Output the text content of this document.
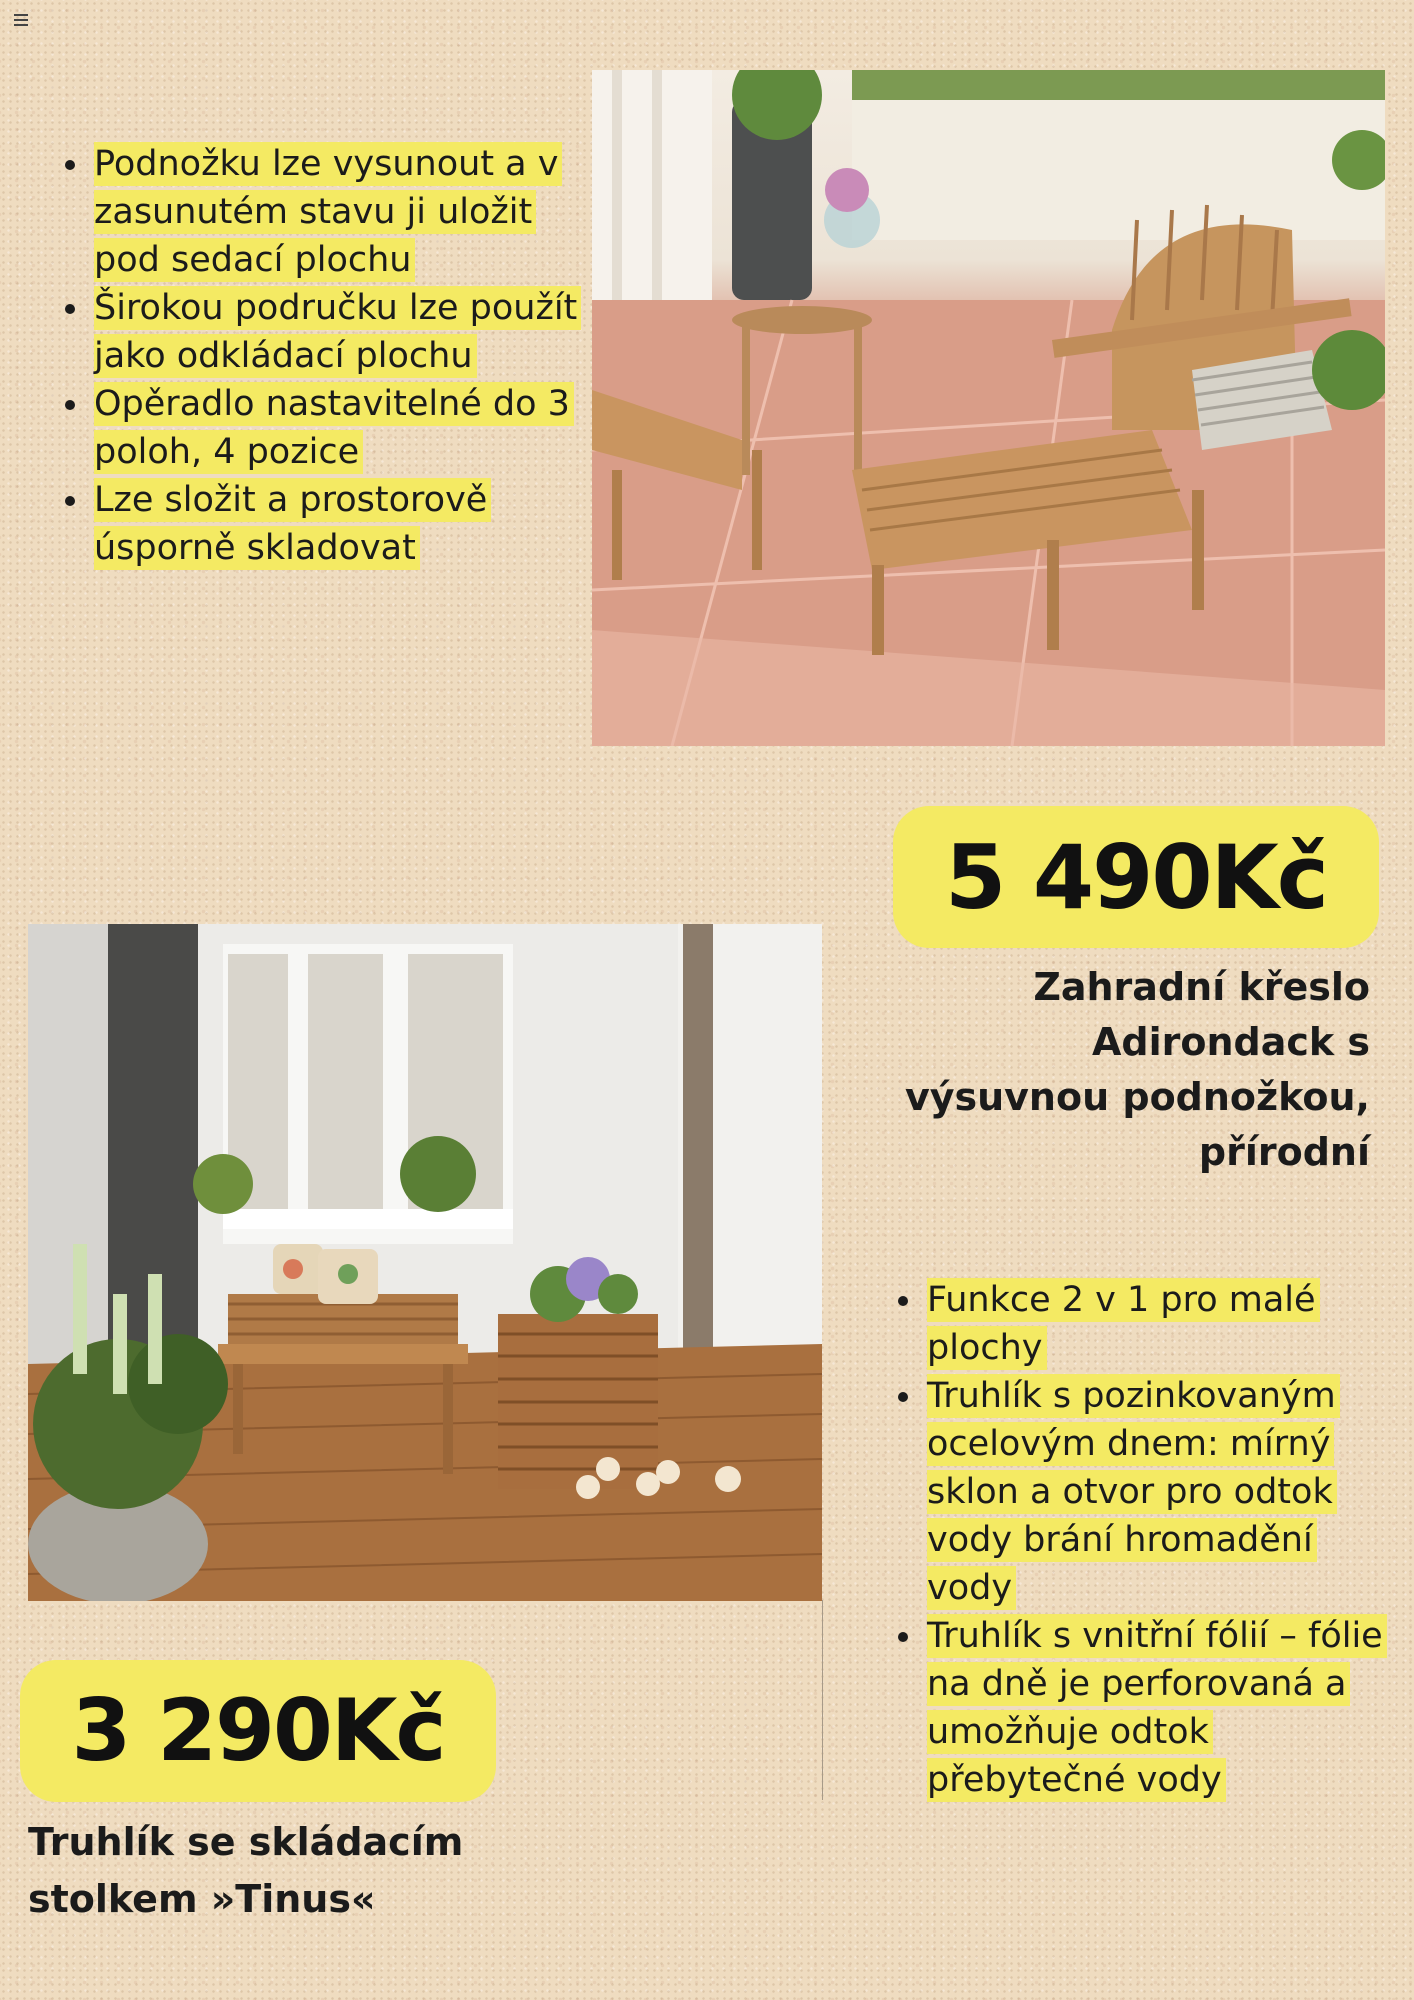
• Podnožku lze vysunout a v zasunutém stavu ji uložit pod sedací plochu
• Širokou područku lze použít jako odkládací plochu
• Opěradlo nastavitelné do 3 poloh, 4 pozice
• Lze složit a prostorově úsporně skladovat
5 490Kč
Zahradní křeslo Adirondack s výsuvnou podnožkou, přírodní
• Funkce 2 v 1 pro malé plochy
• Truhlík s pozinkovaným ocelovým dnem: mírný sklon a otvor pro odtok vody brání hromadění vody
• Truhlík s vnitřní fólií – fólie na dně je perforovaná a umožňuje odtok přebytečné vody
3 290Kč
Truhlík se skládacím stolkem »Tinus«
